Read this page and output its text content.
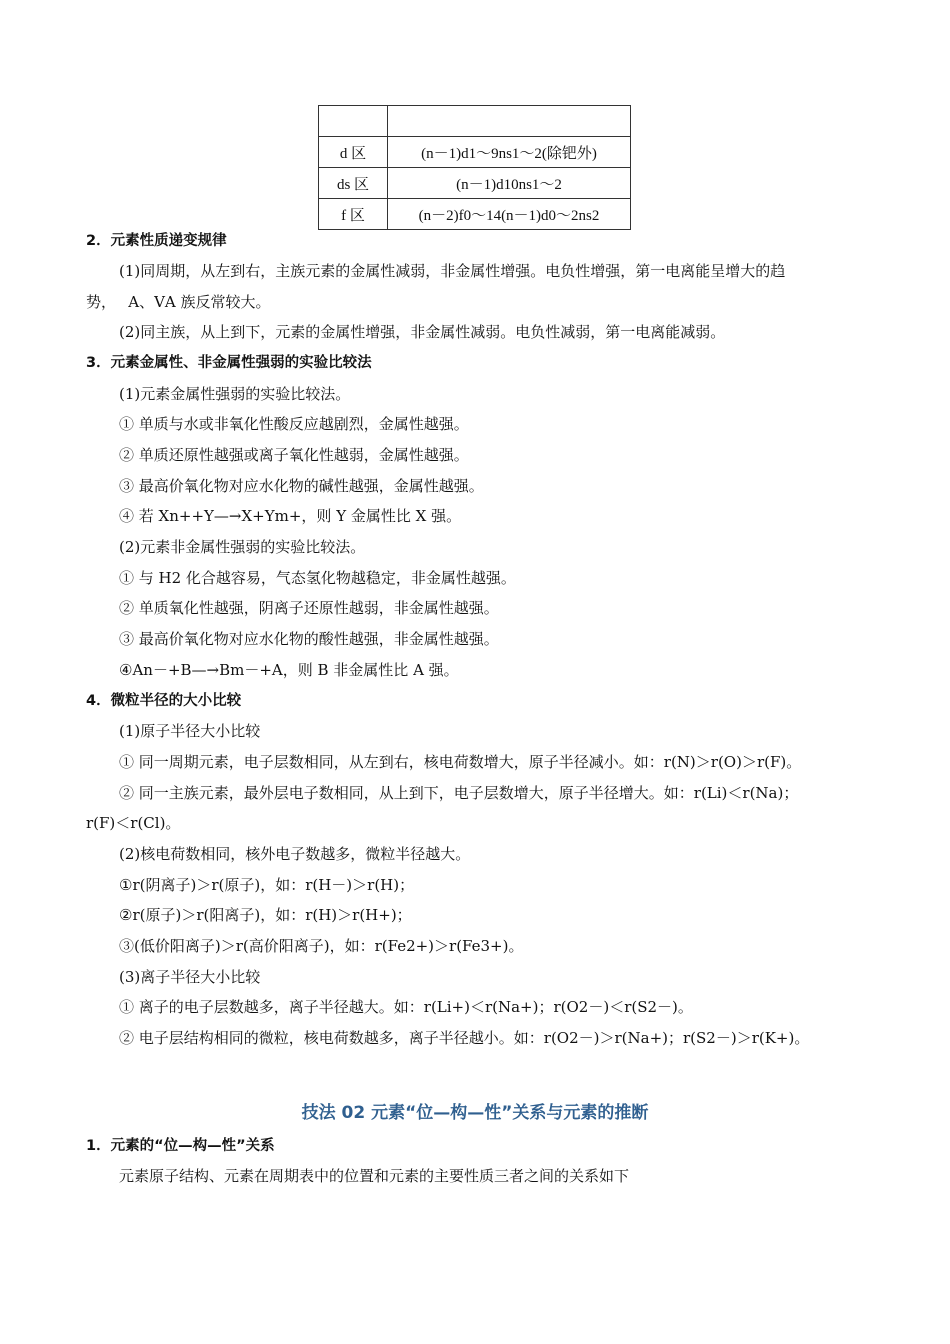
d 区	(n－1)d1～9ns1～2(除钯外)
ds 区	(n－1)d10ns1～2
f 区	(n－2)f0～14(n－1)d0～2ns2
2．元素性质递变规律
(1)同周期，从左到右，主族元素的金属性减弱，非金属性增强。电负性增强，第一电离能呈增大的趋
势，　 A、ⅤA 族反常较大。
(2)同主族，从上到下，元素的金属性增强，非金属性减弱。电负性减弱，第一电离能减弱。
3．元素金属性、非金属性强弱的实验比较法
(1)元素金属性强弱的实验比较法。
① 单质与水或非氧化性酸反应越剧烈，金属性越强。
② 单质还原性越强或离子氧化性越弱，金属性越强。
③ 最高价氧化物对应水化物的碱性越强，金属性越强。
④ 若 Xn++Y—→X+Ym+，则 Y 金属性比 X 强。
(2)元素非金属性强弱的实验比较法。
① 与 H2 化合越容易，气态氢化物越稳定，非金属性越强。
② 单质氧化性越强，阴离子还原性越弱，非金属性越强。
③ 最高价氧化物对应水化物的酸性越强，非金属性越强。
④An－+B—→Bm－+A，则 B 非金属性比 A 强。
4．微粒半径的大小比较
(1)原子半径大小比较
① 同一周期元素，电子层数相同，从左到右，核电荷数增大，原子半径减小。如：r(N)＞r(O)＞r(F)。
② 同一主族元素，最外层电子数相同，从上到下，电子层数增大，原子半径增大。如：r(Li)＜r(Na)；
r(F)＜r(Cl)。
(2)核电荷数相同，核外电子数越多，微粒半径越大。
①r(阴离子)＞r(原子)，如：r(H－)＞r(H)；
②r(原子)＞r(阳离子)，如：r(H)＞r(H+)；
③(低价阳离子)＞r(高价阳离子)，如：r(Fe2+)＞r(Fe3+)。
(3)离子半径大小比较
① 离子的电子层数越多，离子半径越大。如：r(Li+)＜r(Na+)；r(O2－)＜r(S2－)。
② 电子层结构相同的微粒，核电荷数越多，离子半径越小。如：r(O2－)＞r(Na+)；r(S2－)＞r(K+)。
技法 02 元素“位—构—性”关系与元素的推断
1．元素的“位—构—性”关系
元素原子结构、元素在周期表中的位置和元素的主要性质三者之间的关系如下
